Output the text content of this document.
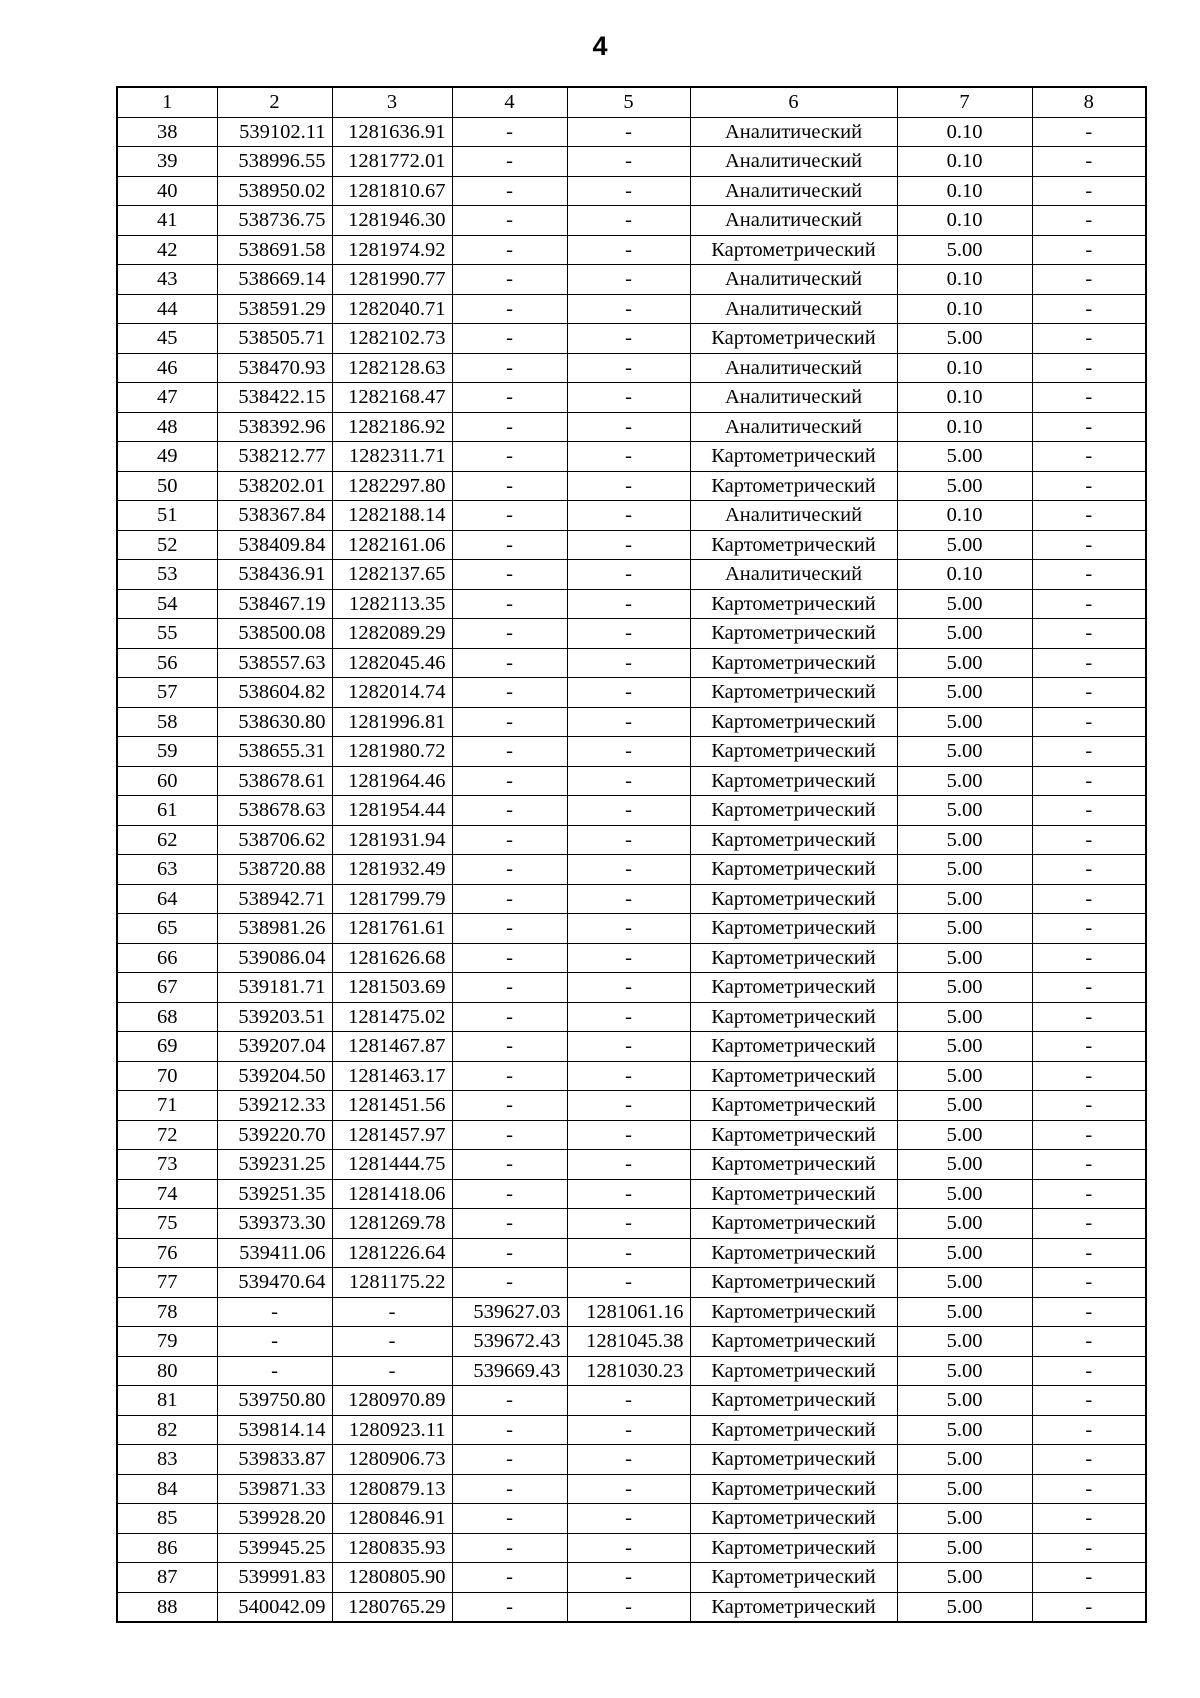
4
1	2	3	4	5	6	7	8
38	539102.11	1281636.91	-	-	Аналитический	0.10	-
39	538996.55	1281772.01	-	-	Аналитический	0.10	-
40	538950.02	1281810.67	-	-	Аналитический	0.10	-
41	538736.75	1281946.30	-	-	Аналитический	0.10	-
42	538691.58	1281974.92	-	-	Картометрический	5.00	-
43	538669.14	1281990.77	-	-	Аналитический	0.10	-
44	538591.29	1282040.71	-	-	Аналитический	0.10	-
45	538505.71	1282102.73	-	-	Картометрический	5.00	-
46	538470.93	1282128.63	-	-	Аналитический	0.10	-
47	538422.15	1282168.47	-	-	Аналитический	0.10	-
48	538392.96	1282186.92	-	-	Аналитический	0.10	-
49	538212.77	1282311.71	-	-	Картометрический	5.00	-
50	538202.01	1282297.80	-	-	Картометрический	5.00	-
51	538367.84	1282188.14	-	-	Аналитический	0.10	-
52	538409.84	1282161.06	-	-	Картометрический	5.00	-
53	538436.91	1282137.65	-	-	Аналитический	0.10	-
54	538467.19	1282113.35	-	-	Картометрический	5.00	-
55	538500.08	1282089.29	-	-	Картометрический	5.00	-
56	538557.63	1282045.46	-	-	Картометрический	5.00	-
57	538604.82	1282014.74	-	-	Картометрический	5.00	-
58	538630.80	1281996.81	-	-	Картометрический	5.00	-
59	538655.31	1281980.72	-	-	Картометрический	5.00	-
60	538678.61	1281964.46	-	-	Картометрический	5.00	-
61	538678.63	1281954.44	-	-	Картометрический	5.00	-
62	538706.62	1281931.94	-	-	Картометрический	5.00	-
63	538720.88	1281932.49	-	-	Картометрический	5.00	-
64	538942.71	1281799.79	-	-	Картометрический	5.00	-
65	538981.26	1281761.61	-	-	Картометрический	5.00	-
66	539086.04	1281626.68	-	-	Картометрический	5.00	-
67	539181.71	1281503.69	-	-	Картометрический	5.00	-
68	539203.51	1281475.02	-	-	Картометрический	5.00	-
69	539207.04	1281467.87	-	-	Картометрический	5.00	-
70	539204.50	1281463.17	-	-	Картометрический	5.00	-
71	539212.33	1281451.56	-	-	Картометрический	5.00	-
72	539220.70	1281457.97	-	-	Картометрический	5.00	-
73	539231.25	1281444.75	-	-	Картометрический	5.00	-
74	539251.35	1281418.06	-	-	Картометрический	5.00	-
75	539373.30	1281269.78	-	-	Картометрический	5.00	-
76	539411.06	1281226.64	-	-	Картометрический	5.00	-
77	539470.64	1281175.22	-	-	Картометрический	5.00	-
78	-	-	539627.03	1281061.16	Картометрический	5.00	-
79	-	-	539672.43	1281045.38	Картометрический	5.00	-
80	-	-	539669.43	1281030.23	Картометрический	5.00	-
81	539750.80	1280970.89	-	-	Картометрический	5.00	-
82	539814.14	1280923.11	-	-	Картометрический	5.00	-
83	539833.87	1280906.73	-	-	Картометрический	5.00	-
84	539871.33	1280879.13	-	-	Картометрический	5.00	-
85	539928.20	1280846.91	-	-	Картометрический	5.00	-
86	539945.25	1280835.93	-	-	Картометрический	5.00	-
87	539991.83	1280805.90	-	-	Картометрический	5.00	-
88	540042.09	1280765.29	-	-	Картометрический	5.00	-
